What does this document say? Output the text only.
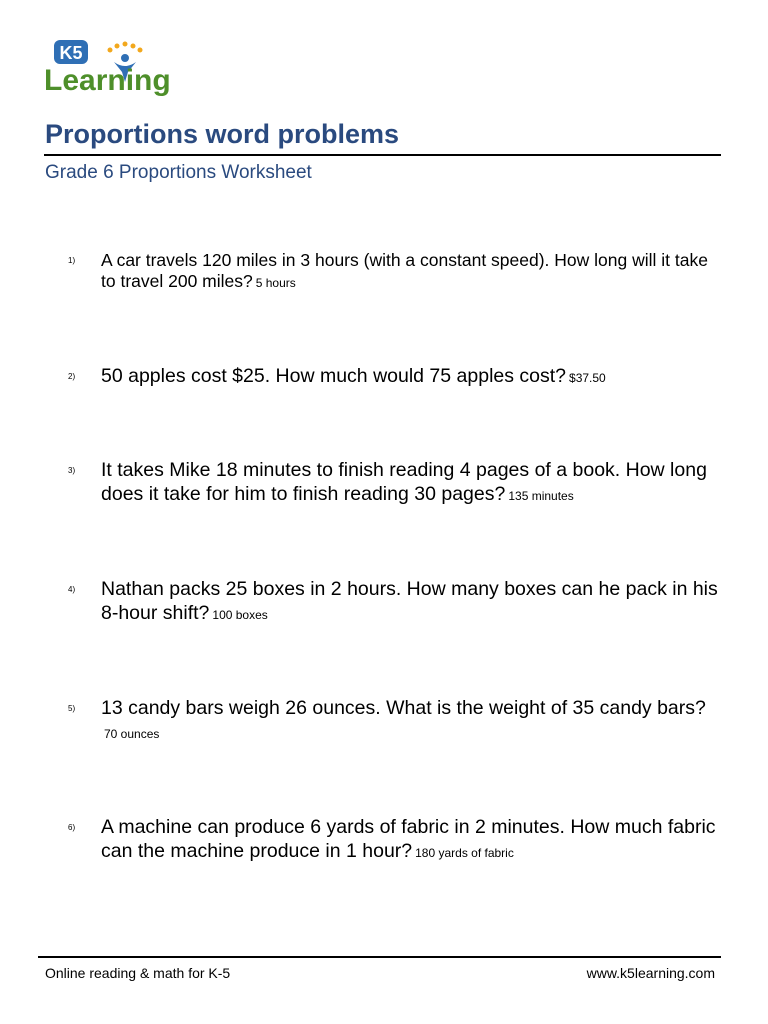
K5
Learning
Proportions word problems
Grade 6 Proportions Worksheet
1) A car travels 120 miles in 3 hours (with a constant speed). How long will it take to travel 200 miles? 5 hours
2) 50 apples cost $25. How much would 75 apples cost? $37.50
3) It takes Mike 18 minutes to finish reading 4 pages of a book. How long does it take for him to finish reading 30 pages? 135 minutes
4) Nathan packs 25 boxes in 2 hours. How many boxes can he pack in his 8-hour shift? 100 boxes
5) 13 candy bars weigh 26 ounces. What is the weight of 35 candy bars?70 ounces
6) A machine can produce 6 yards of fabric in 2 minutes. How much fabric can the machine produce in 1 hour? 180 yards of fabric
Online reading & math for K-5	www.k5learning.com
